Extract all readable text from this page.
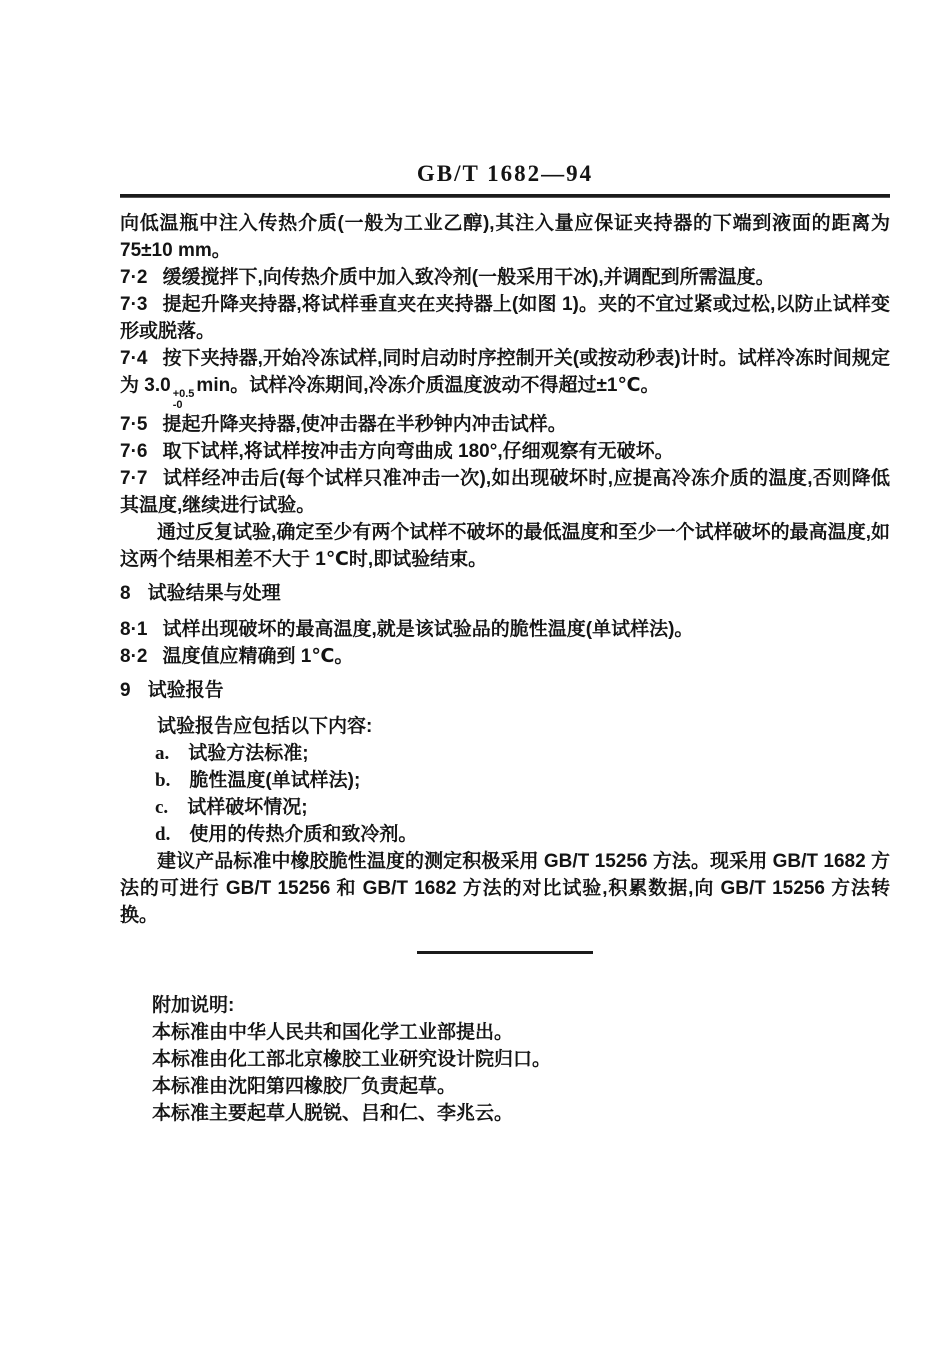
GB/T 1682—94

向低温瓶中注入传热介质(一般为工业乙醇),其注入量应保证夹持器的下端到液面的距离为 75±10 mm。

7·2 缓缓搅拌下,向传热介质中加入致冷剂(一般采用干冰),并调配到所需温度。

7·3 提起升降夹持器,将试样垂直夹在夹持器上(如图 1)。夹的不宜过紧或过松,以防止试样变形或脱落。

7·4 按下夹持器,开始冷冻试样,同时启动时序控制开关(或按动秒表)计时。试样冷冻时间规定为 3.0 +0.5
-0
min。试样冷冻期间,冷冻介质温度波动不得超过±1℃。

7·5 提起升降夹持器,使冲击器在半秒钟内冲击试样。

7·6 取下试样,将试样按冲击方向弯曲成 180°,仔细观察有无破坏。

7·7 试样经冲击后(每个试样只准冲击一次),如出现破坏时,应提高冷冻介质的温度,否则降低其温度,继续进行试验。

通过反复试验,确定至少有两个试样不破坏的最低温度和至少一个试样破坏的最高温度,如这两个结果相差不大于 1℃时,即试验结束。

8 试验结果与处理

8·1 试样出现破坏的最高温度,就是该试验品的脆性温度(单试样法)。

8·2 温度值应精确到 1℃。

9 试验报告

试验报告应包括以下内容:

a. 试验方法标准;

b. 脆性温度(单试样法);

c. 试样破坏情况;

d. 使用的传热介质和致冷剂。

建议产品标准中橡胶脆性温度的测定积极采用 GB/T 15256 方法。现采用 GB/T 1682 方法的可进行 GB/T 15256 和 GB/T 1682 方法的对比试验,积累数据,向 GB/T 15256 方法转换。

附加说明:

本标准由中华人民共和国化学工业部提出。

本标准由化工部北京橡胶工业研究设计院归口。

本标准由沈阳第四橡胶厂负责起草。

本标准主要起草人脱锐、吕和仁、李兆云。
